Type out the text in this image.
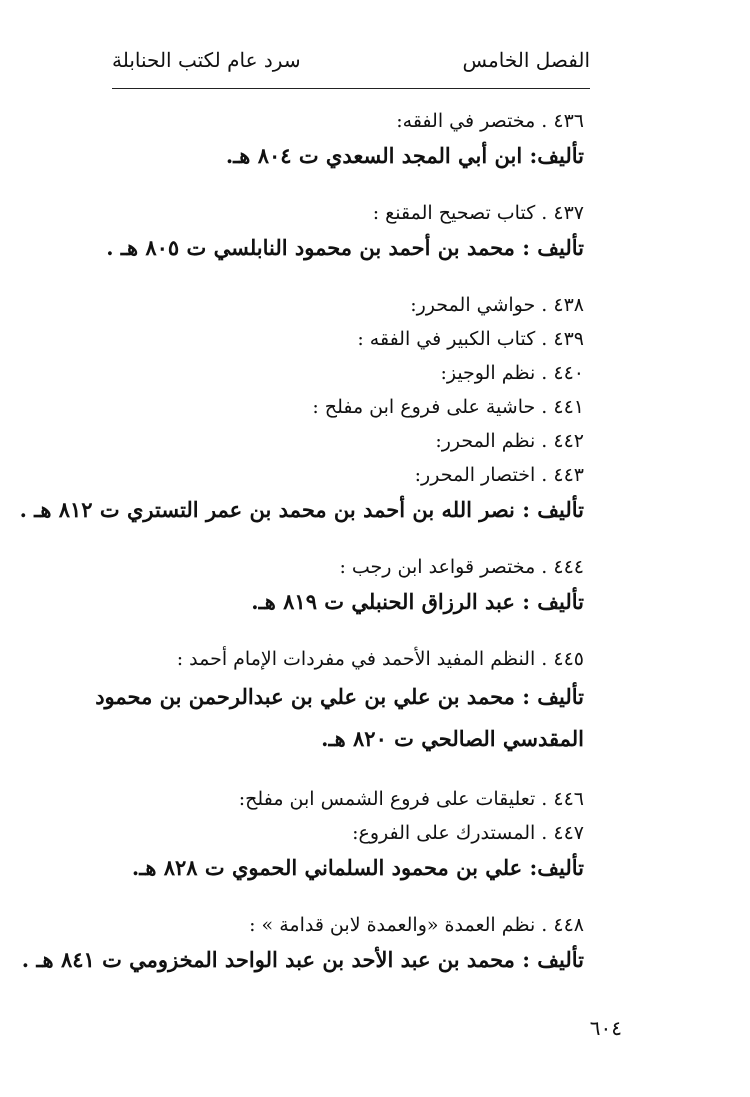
سرد عام لكتب الحنابلة	الفصل الخامس

٤٣٦ . مختصر في الفقه:

تأليف: ابن أبي المجد السعدي ت ٨٠٤ هـ.

٤٣٧ . كتاب تصحيح المقنع :

تأليف : محمد بن أحمد بن محمود النابلسي ت ٨٠٥ هـ .

٤٣٨ . حواشي المحرر:

٤٣٩ . كتاب الكبير في الفقه :

٤٤٠ . نظم الوجيز:

٤٤١ . حاشية على فروع ابن مفلح :

٤٤٢ . نظم المحرر:

٤٤٣ . اختصار المحرر:

تأليف : نصر الله بن أحمد بن محمد بن عمر التستري ت ٨١٢ هـ .

٤٤٤ . مختصر قواعد ابن رجب :

تأليف : عبد الرزاق الحنبلي ت ٨١٩ هـ.

٤٤٥ . النظم المفيد الأحمد في مفردات الإمام أحمد :

تأليف : محمد بن علي بن علي بن عبدالرحمن بن محمود المقدسي الصالحي ت ٨٢٠ هـ.

٤٤٦ . تعليقات على فروع الشمس ابن مفلح:

٤٤٧ . المستدرك على الفروع:

تأليف: علي بن محمود السلماني الحموي ت ٨٢٨ هـ.

٤٤٨ . نظم العمدة «والعمدة لابن قدامة » :

تأليف : محمد بن عبد الأحد بن عبد الواحد المخزومي ت ٨٤١ هـ .

٦٠٤
